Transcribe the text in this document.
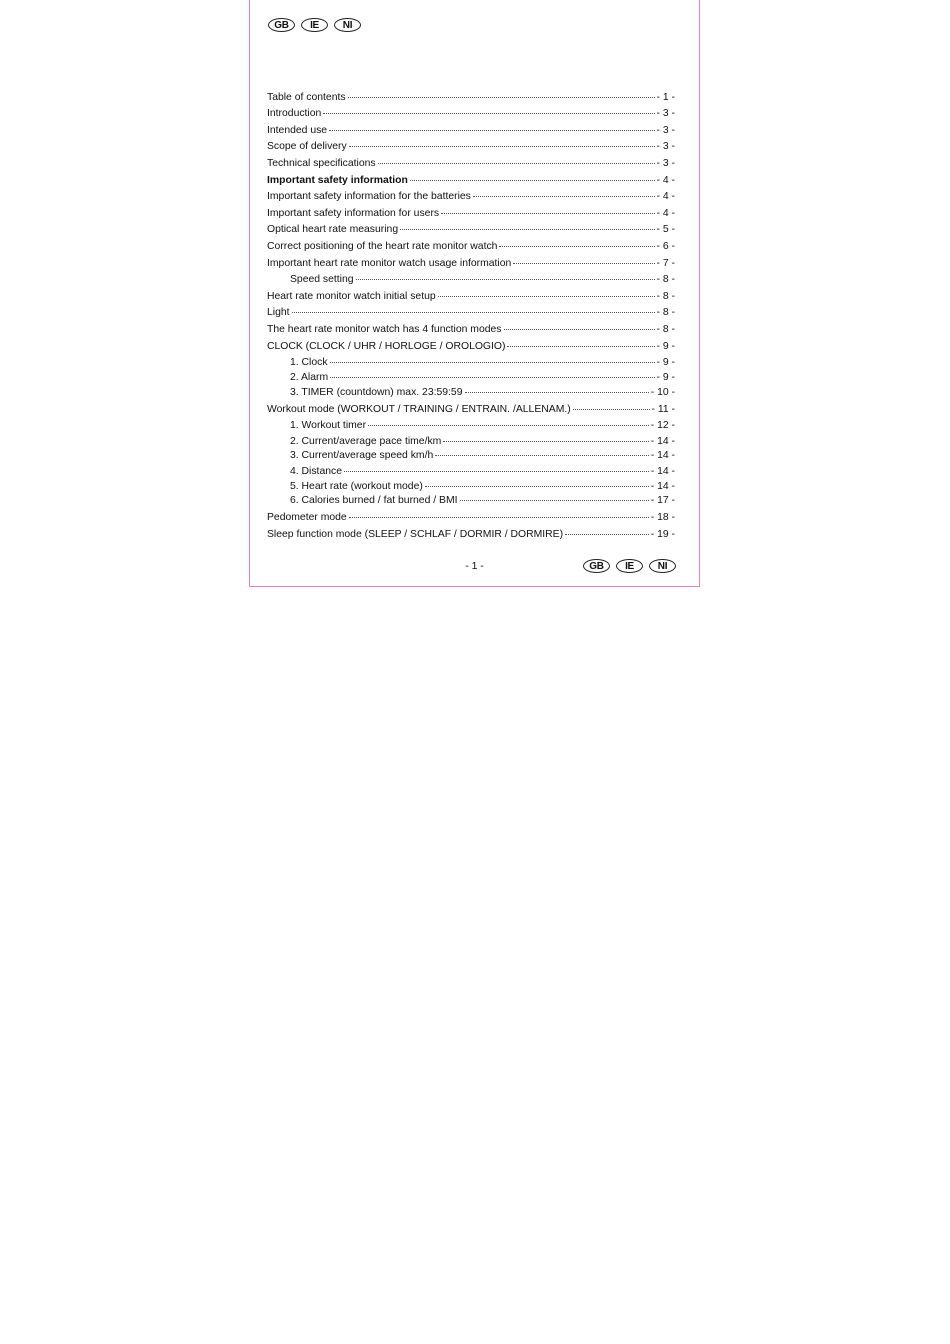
GB	IE	NI
Table of contents	- 1 -
Introduction	- 3 -
Intended use	- 3 -
Scope of delivery	- 3 -
Technical specifications	- 3 -
Important safety information	- 4 -
Important safety information for the batteries	- 4 -
Important safety information for users	- 4 -
Optical heart rate measuring	- 5 -
Correct positioning of the heart rate monitor watch	- 6 -
Important heart rate monitor watch usage information	- 7 -
Speed setting	- 8 -
Heart rate monitor watch initial setup	- 8 -
Light	- 8 -
The heart rate monitor watch has 4 function modes	- 8 -
CLOCK (CLOCK / UHR / HORLOGE / OROLOGIO)	- 9 -
1. Clock	- 9 -
2. Alarm	- 9 -
3. TIMER (countdown) max. 23:59:59	- 10 -
Workout mode (WORKOUT / TRAINING / ENTRAIN. /ALLENAM.)	- 11 -
1. Workout timer	- 12 -
2. Current/average pace time/km	- 14 -
3. Current/average speed km/h	- 14 -
4. Distance	- 14 -
5. Heart rate (workout mode)	- 14 -
6. Calories burned / fat burned / BMI	- 17 -
Pedometer mode	- 18 -
Sleep function mode (SLEEP / SCHLAF / DORMIR / DORMIRE)	- 19 -
- 1 -	GB	IE	NI
